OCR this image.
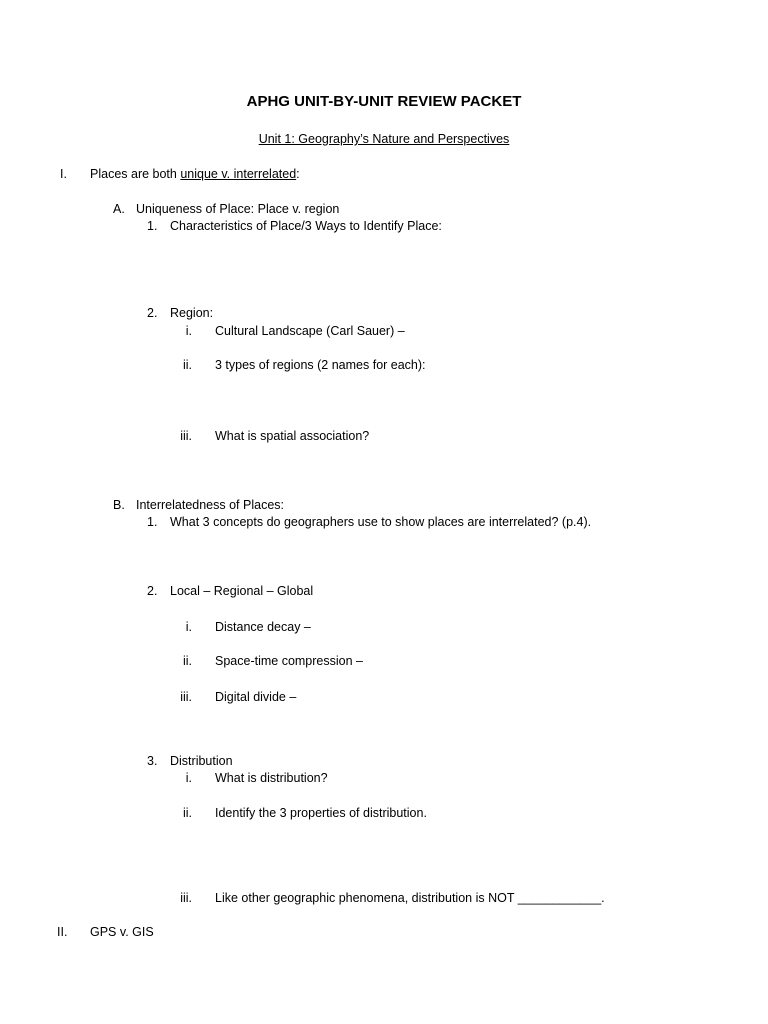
APHG UNIT-BY-UNIT REVIEW PACKET
Unit 1: Geography’s Nature and Perspectives
I. Places are both unique v. interrelated:
A. Uniqueness of Place: Place v. region
1. Characteristics of Place/3 Ways to Identify Place:
2. Region:
i. Cultural Landscape (Carl Sauer) –
ii. 3 types of regions (2 names for each):
iii. What is spatial association?
B. Interrelatedness of Places:
1. What 3 concepts do geographers use to show places are interrelated? (p.4).
2. Local – Regional – Global
i. Distance decay –
ii. Space-time compression –
iii. Digital divide –
3. Distribution
i. What is distribution?
ii. Identify the 3 properties of distribution.
iii. Like other geographic phenomena, distribution is NOT ____________.
II. GPS v. GIS
